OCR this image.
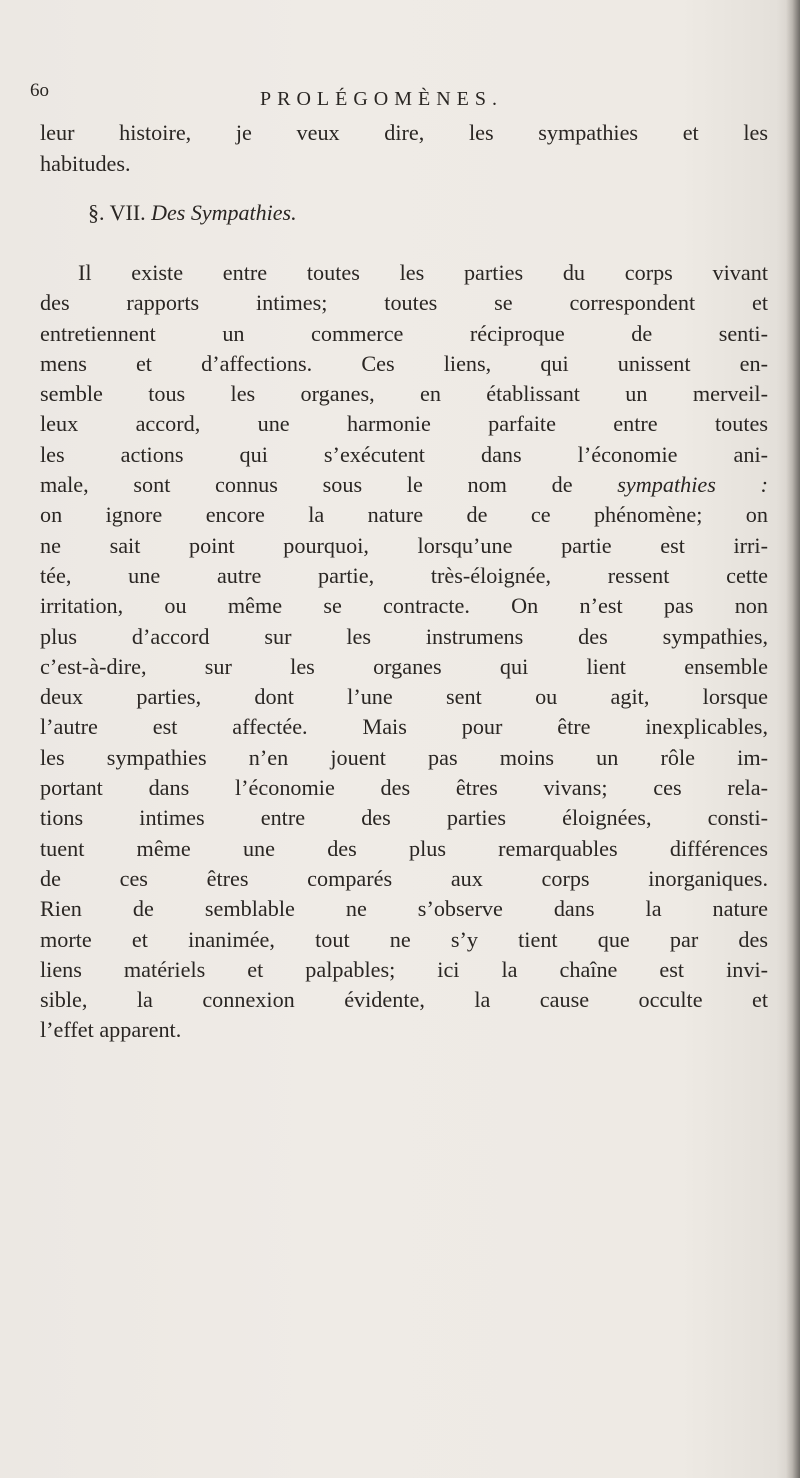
6o	PROLÉGOMÈNES.
leur histoire, je veux dire, les sympathies et les
habitudes.
§. VII. Des Sympathies.
Il existe entre toutes les parties du corps vivant
des rapports intimes; toutes se correspondent et
entretiennent un commerce réciproque de senti-
mens et d’affections. Ces liens, qui unissent en-
semble tous les organes, en établissant un merveil-
leux accord, une harmonie parfaite entre toutes
les actions qui s’exécutent dans l’économie ani-
male, sont connus sous le nom de sympathies :
on ignore encore la nature de ce phénomène; on
ne sait point pourquoi, lorsqu’une partie est irri-
tée, une autre partie, très-éloignée, ressent cette
irritation, ou même se contracte. On n’est pas non
plus d’accord sur les instrumens des sympathies,
c’est-à-dire, sur les organes qui lient ensemble
deux parties, dont l’une sent ou agit, lorsque
l’autre est affectée. Mais pour être inexplicables,
les sympathies n’en jouent pas moins un rôle im-
portant dans l’économie des êtres vivans; ces rela-
tions intimes entre des parties éloignées, consti-
tuent même une des plus remarquables différences
de ces êtres comparés aux corps inorganiques.
Rien de semblable ne s’observe dans la nature
morte et inanimée, tout ne s’y tient que par des
liens matériels et palpables; ici la chaîne est invi-
sible, la connexion évidente, la cause occulte et
l’effet apparent.
